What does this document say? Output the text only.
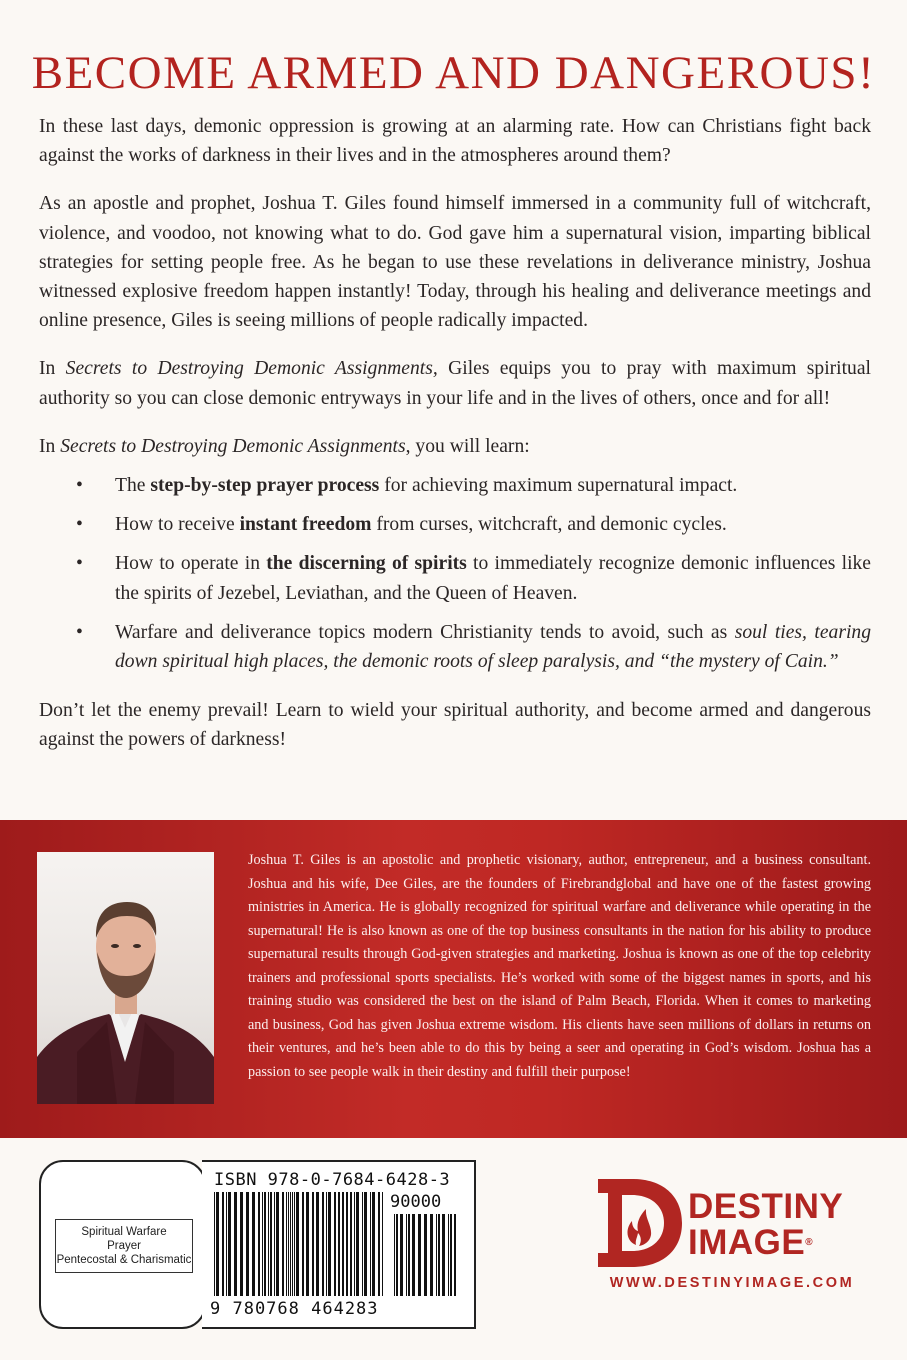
BECOME ARMED AND DANGEROUS!

In these last days, demonic oppression is growing at an alarming rate. How can Christians fight back against the works of darkness in their lives and in the atmospheres around them?

As an apostle and prophet, Joshua T. Giles found himself immersed in a community full of witchcraft, violence, and voodoo, not knowing what to do. God gave him a supernatural vision, imparting biblical strategies for setting people free. As he began to use these revelations in deliverance ministry, Joshua witnessed explosive freedom happen instantly! Today, through his healing and deliverance meetings and online presence, Giles is seeing millions of people radically impacted.

In Secrets to Destroying Demonic Assignments, Giles equips you to pray with maximum spiritual authority so you can close demonic entryways in your life and in the lives of others, once and for all!

In Secrets to Destroying Demonic Assignments, you will learn:

• The step-by-step prayer process for achieving maximum supernatural impact.
• How to receive instant freedom from curses, witchcraft, and demonic cycles.
• How to operate in the discerning of spirits to immediately recognize demonic influences like the spirits of Jezebel, Leviathan, and the Queen of Heaven.
• Warfare and deliverance topics modern Christianity tends to avoid, such as soul ties, tearing down spiritual high places, the demonic roots of sleep paralysis, and “the mystery of Cain.”

Don’t let the enemy prevail! Learn to wield your spiritual authority, and become armed and dangerous against the powers of darkness!

Joshua T. Giles is an apostolic and prophetic visionary, author, entrepreneur, and a business consultant. Joshua and his wife, Dee Giles, are the founders of Firebrandglobal and have one of the fastest growing ministries in America. He is globally recognized for spiritual warfare and deliverance while operating in the supernatural! He is also known as one of the top business consultants in the nation for his ability to produce supernatural results through God-given strategies and marketing. Joshua is known as one of the top celebrity trainers and professional sports specialists. He’s worked with some of the biggest names in sports, and his training studio was considered the best on the island of Palm Beach, Florida. When it comes to marketing and business, God has given Joshua extreme wisdom. His clients have seen millions of dollars in returns on their ventures, and he’s been able to do this by being a seer and operating in God’s wisdom. Joshua has a passion to see people walk in their destiny and fulfill their purpose!

Spiritual Warfare
Prayer
Pentecostal & Charismatic
ISBN 978-0-7684-6428-3
90000
9 780768 464283
DESTINY
IMAGE®
WWW.DESTINYIMAGE.COM
